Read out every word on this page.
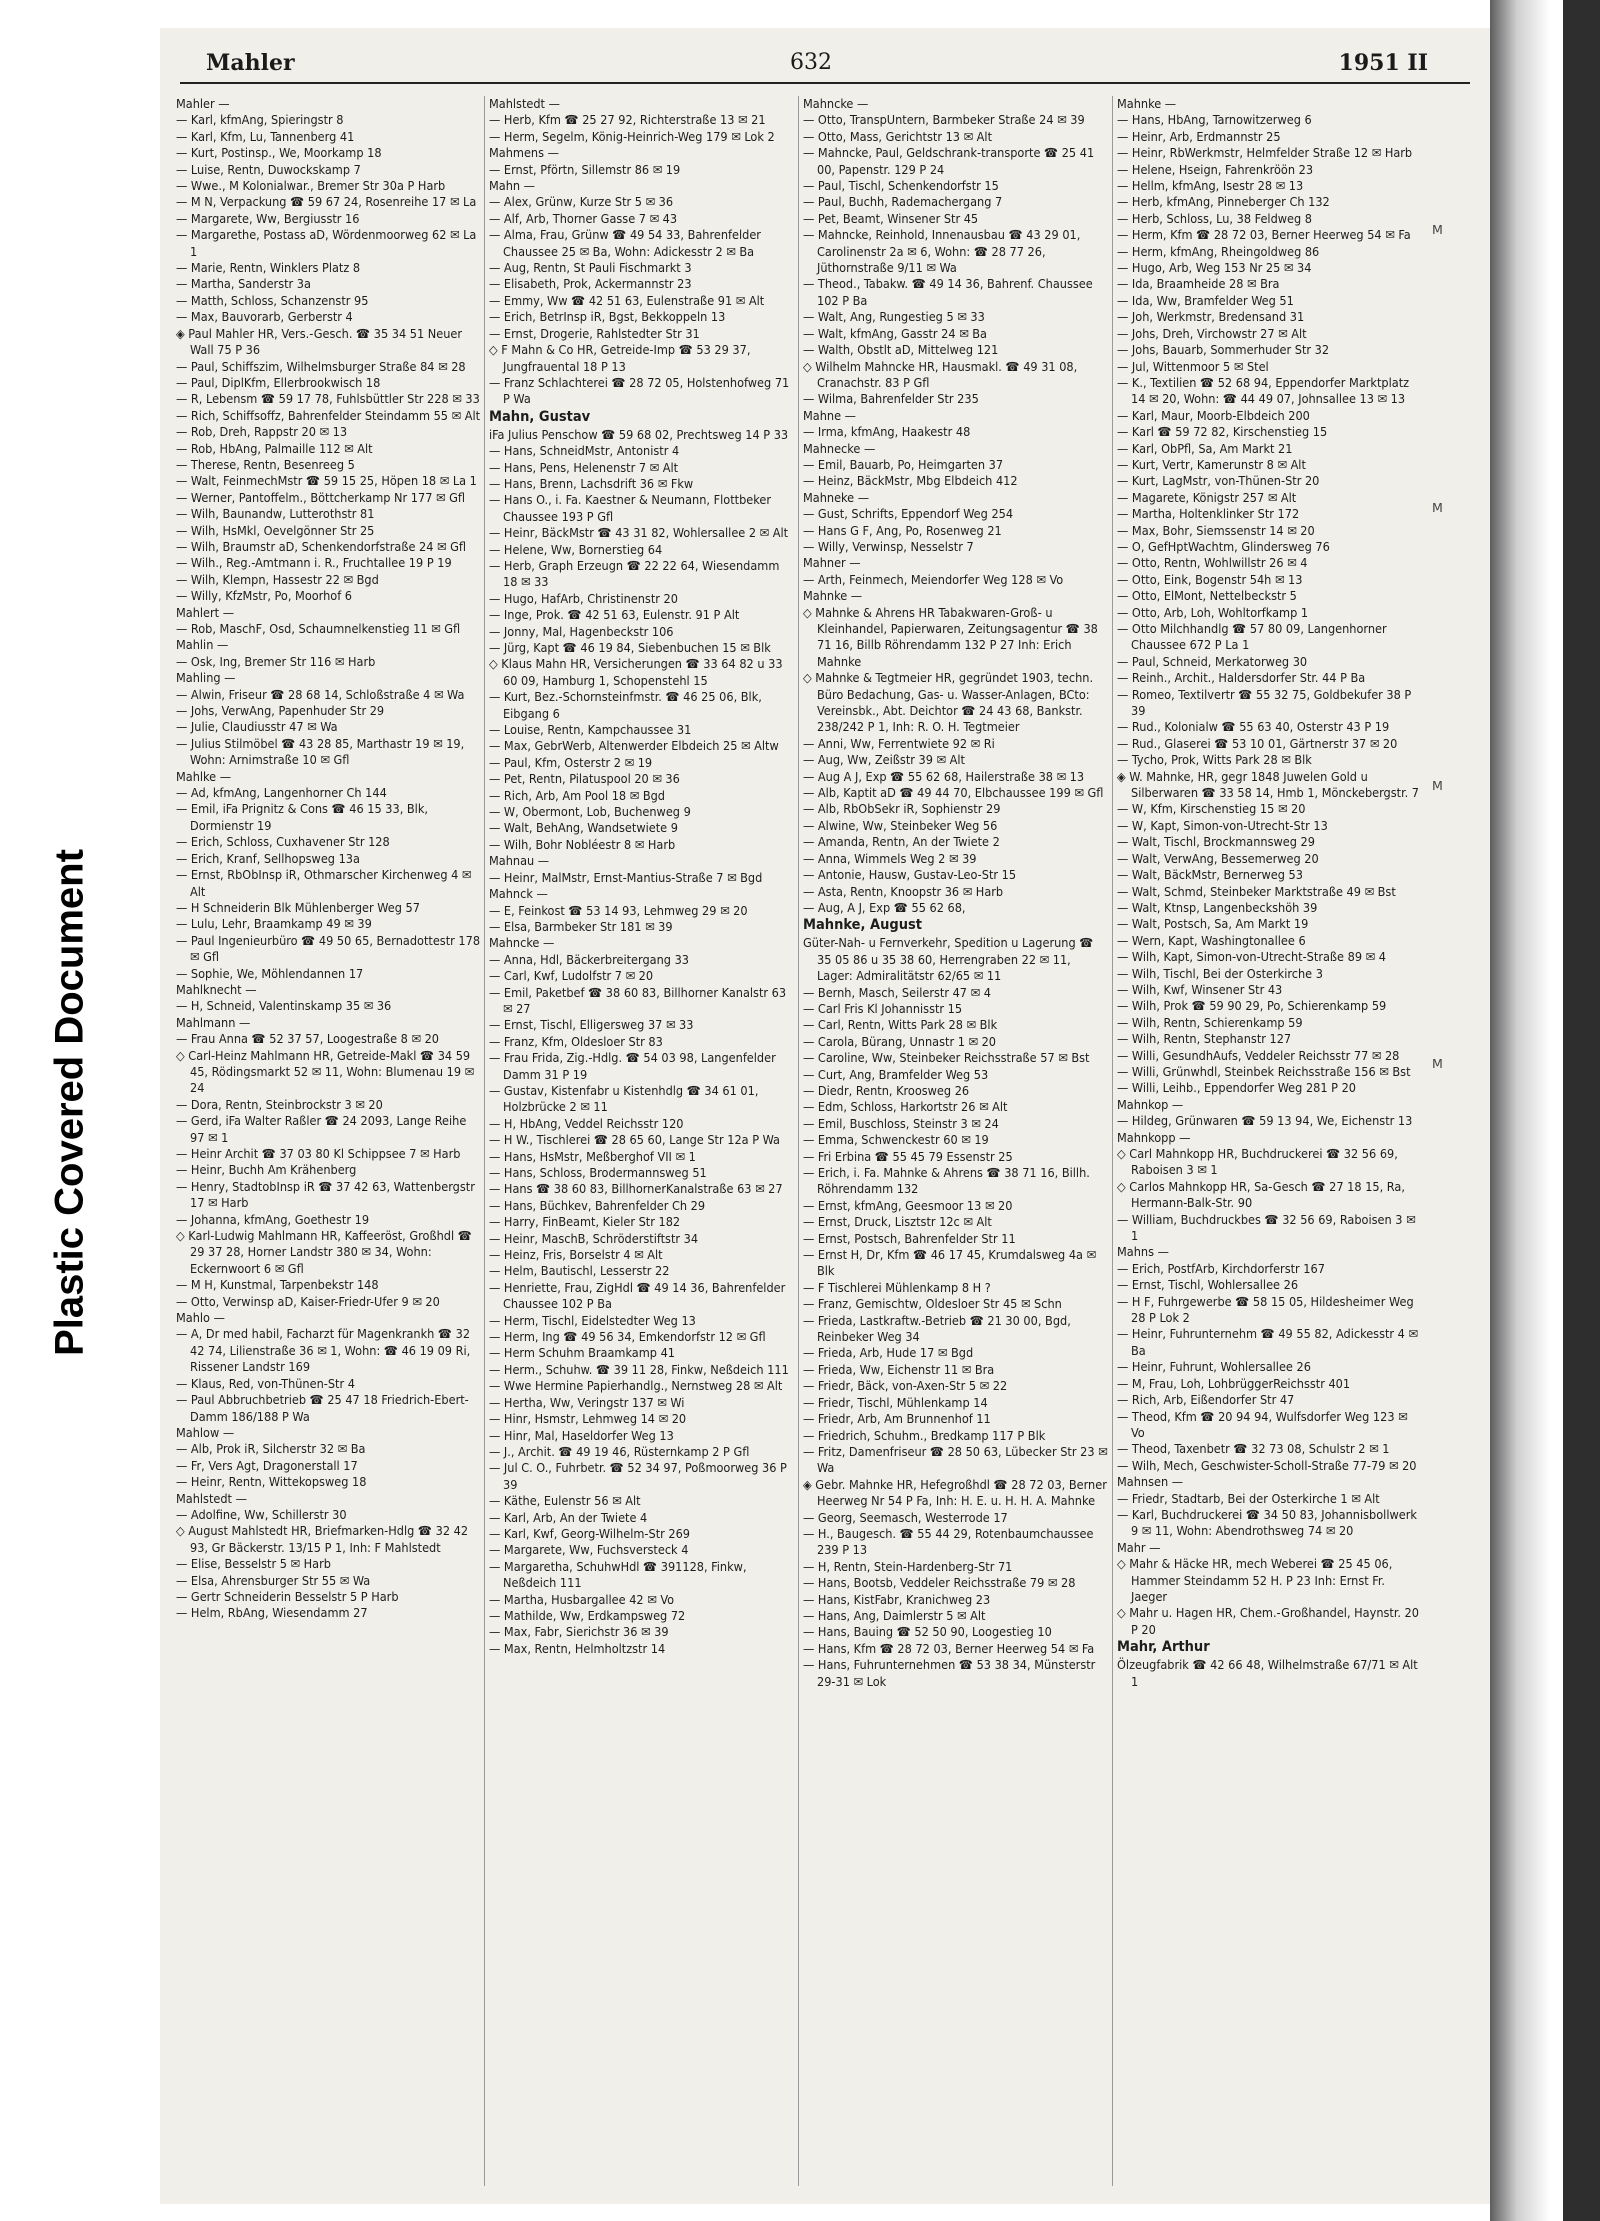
Plastic Covered Document
Mahler	632	1951 II

Mahler —

— Karl, kfmAng, Spieringstr 8

— Karl, Kfm, Lu, Tannenberg 41

— Kurt, Postinsp., We, Moorkamp 18

— Luise, Rentn, Duwockskamp 7

— Wwe., M Kolonialwar., Bremer Str 30a P Harb

— M N, Verpackung ☎ 59 67 24, Rosenreihe 17 ✉ La

— Margarete, Ww, Bergiusstr 16

— Margarethe, Postass aD, Wördenmoorweg 62 ✉ La 1

— Marie, Rentn, Winklers Platz 8

— Martha, Sanderstr 3a

— Matth, Schloss, Schanzenstr 95

— Max, Bauvorarb, Gerberstr 4

◈ Paul Mahler HR, Vers.-Gesch. ☎ 35 34 51 Neuer Wall 75 P 36

— Paul, Schiffszim, Wilhelmsburger Straße 84 ✉ 28

— Paul, DiplKfm, Ellerbrookwisch 18

— R, Lebensm ☎ 59 17 78, Fuhlsbüttler Str 228 ✉ 33

— Rich, Schiffsoffz, Bahrenfelder Steindamm 55 ✉ Alt

— Rob, Dreh, Rappstr 20 ✉ 13

— Rob, HbAng, Palmaille 112 ✉ Alt

— Therese, Rentn, Besenreeg 5

— Walt, FeinmechMstr ☎ 59 15 25, Höpen 18 ✉ La 1

— Werner, Pantoffelm., Böttcherkamp Nr 177 ✉ Gfl

— Wilh, Baunandw, Lutterothstr 81

— Wilh, HsMkl, Oevelgönner Str 25

— Wilh, Braumstr aD, Schenkendorfstraße 24 ✉ Gfl

— Wilh., Reg.-Amtmann i. R., Fruchtallee 19 P 19

— Wilh, Klempn, Hassestr 22 ✉ Bgd

— Willy, KfzMstr, Po, Moorhof 6

Mahlert —

— Rob, MaschF, Osd, Schaumnelkenstieg 11 ✉ Gfl

Mahlin —

— Osk, Ing, Bremer Str 116 ✉ Harb

Mahling —

— Alwin, Friseur ☎ 28 68 14, Schloßstraße 4 ✉ Wa

— Johs, VerwAng, Papenhuder Str 29

— Julie, Claudiusstr 47 ✉ Wa

— Julius Stilmöbel ☎ 43 28 85, Marthastr 19 ✉ 19, Wohn: Arnimstraße 10 ✉ Gfl

Mahlke —

— Ad, kfmAng, Langenhorner Ch 144

— Emil, iFa Prignitz & Cons ☎ 46 15 33, Blk, Dormienstr 19

— Erich, Schloss, Cuxhavener Str 128

— Erich, Kranf, Sellhopsweg 13a

— Ernst, RbObInsp iR, Othmarscher Kirchenweg 4 ✉ Alt

— H Schneiderin Blk Mühlenberger Weg 57

— Lulu, Lehr, Braamkamp 49 ✉ 39

— Paul Ingenieurbüro ☎ 49 50 65, Bernadottestr 178 ✉ Gfl

— Sophie, We, Möhlendannen 17

Mahlknecht —

— H, Schneid, Valentinskamp 35 ✉ 36

Mahlmann —

— Frau Anna ☎ 52 37 57, Loogestraße 8 ✉ 20

◇ Carl-Heinz Mahlmann HR, Getreide-Makl ☎ 34 59 45, Rödingsmarkt 52 ✉ 11, Wohn: Blumenau 19 ✉ 24

— Dora, Rentn, Steinbrockstr 3 ✉ 20

— Gerd, iFa Walter Raßler ☎ 24 2093, Lange Reihe 97 ✉ 1

— Heinr Archit ☎ 37 03 80 Kl Schippsee 7 ✉ Harb

— Heinr, Buchh Am Krähenberg

— Henry, StadtobInsp iR ☎ 37 42 63, Wattenbergstr 17 ✉ Harb

— Johanna, kfmAng, Goethestr 19

◇ Karl-Ludwig Mahlmann HR, Kaffeeröst, Großhdl ☎ 29 37 28, Horner Landstr 380 ✉ 34, Wohn: Eckernwoort 6 ✉ Gfl

— M H, Kunstmal, Tarpenbekstr 148

— Otto, Verwinsp aD, Kaiser-Friedr-Ufer 9 ✉ 20

Mahlo —

— A, Dr med habil, Facharzt für Magenkrankh ☎ 32 42 74, Lilienstraße 36 ✉ 1, Wohn: ☎ 46 19 09 Ri, Rissener Landstr 169

— Klaus, Red, von-Thünen-Str 4

— Paul Abbruchbetrieb ☎ 25 47 18 Friedrich-Ebert-Damm 186/188 P Wa

Mahlow —

— Alb, Prok iR, Silcherstr 32 ✉ Ba

— Fr, Vers Agt, Dragonerstall 17

— Heinr, Rentn, Wittekopsweg 18

Mahlstedt —

— Adolfine, Ww, Schillerstr 30

◇ August Mahlstedt HR, Briefmarken-Hdlg ☎ 32 42 93, Gr Bäckerstr. 13/15 P 1, Inh: F Mahlstedt

— Elise, Besselstr 5 ✉ Harb

— Elsa, Ahrensburger Str 55 ✉ Wa

— Gertr Schneiderin Besselstr 5 P Harb

— Helm, RbAng, Wiesendamm 27

Mahlstedt —

— Herb, Kfm ☎ 25 27 92, Richterstraße 13 ✉ 21

— Herm, Segelm, König-Heinrich-Weg 179 ✉ Lok 2

Mahmens —

— Ernst, Pförtn, Sillemstr 86 ✉ 19

Mahn —

— Alex, Grünw, Kurze Str 5 ✉ 36

— Alf, Arb, Thorner Gasse 7 ✉ 43

— Alma, Frau, Grünw ☎ 49 54 33, Bahrenfelder Chaussee 25 ✉ Ba, Wohn: Adickesstr 2 ✉ Ba

— Aug, Rentn, St Pauli Fischmarkt 3

— Elisabeth, Prok, Ackermannstr 23

— Emmy, Ww ☎ 42 51 63, Eulenstraße 91 ✉ Alt

— Erich, BetrInsp iR, Bgst, Bekkoppeln 13

— Ernst, Drogerie, Rahlstedter Str 31

◇ F Mahn & Co HR, Getreide-Imp ☎ 53 29 37, Jungfrauental 18 P 13

— Franz Schlachterei ☎ 28 72 05, Holstenhofweg 71 P Wa

Mahn, Gustav

iFa Julius Penschow ☎ 59 68 02, Prechtsweg 14 P 33

— Hans, SchneidMstr, Antonistr 4

— Hans, Pens, Helenenstr 7 ✉ Alt

— Hans, Brenn, Lachsdrift 36 ✉ Fkw

— Hans O., i. Fa. Kaestner & Neumann, Flottbeker Chaussee 193 P Gfl

— Heinr, BäckMstr ☎ 43 31 82, Wohlersallee 2 ✉ Alt

— Helene, Ww, Bornerstieg 64

— Herb, Graph Erzeugn ☎ 22 22 64, Wiesendamm 18 ✉ 33

— Hugo, HafArb, Christinenstr 20

— Inge, Prok. ☎ 42 51 63, Eulenstr. 91 P Alt

— Jonny, Mal, Hagenbeckstr 106

— Jürg, Kapt ☎ 46 19 84, Siebenbuchen 15 ✉ Blk

◇ Klaus Mahn HR, Versicherungen ☎ 33 64 82 u 33 60 09, Hamburg 1, Schopenstehl 15

— Kurt, Bez.-Schornsteinfmstr. ☎ 46 25 06, Blk, Eibgang 6

— Louise, Rentn, Kampchaussee 31

— Max, GebrWerb, Altenwerder Elbdeich 25 ✉ Altw

— Paul, Kfm, Osterstr 2 ✉ 19

— Pet, Rentn, Pilatuspool 20 ✉ 36

— Rich, Arb, Am Pool 18 ✉ Bgd

— W, Obermont, Lob, Buchenweg 9

— Walt, BehAng, Wandsetwiete 9

— Wilh, Bohr Nobléestr 8 ✉ Harb

Mahnau —

— Heinr, MalMstr, Ernst-Mantius-Straße 7 ✉ Bgd

Mahnck —

— E, Feinkost ☎ 53 14 93, Lehmweg 29 ✉ 20

— Elsa, Barmbeker Str 181 ✉ 39

Mahncke —

— Anna, Hdl, Bäckerbreitergang 33

— Carl, Kwf, Ludolfstr 7 ✉ 20

— Emil, Paketbef ☎ 38 60 83, Billhorner Kanalstr 63 ✉ 27

— Ernst, Tischl, Elligersweg 37 ✉ 33

— Franz, Kfm, Oldesloer Str 83

— Frau Frida, Zig.-Hdlg. ☎ 54 03 98, Langenfelder Damm 31 P 19

— Gustav, Kistenfabr u Kistenhdlg ☎ 34 61 01, Holzbrücke 2 ✉ 11

— H, HbAng, Veddel Reichsstr 120

— H W., Tischlerei ☎ 28 65 60, Lange Str 12a P Wa

— Hans, HsMstr, Meßberghof VII ✉ 1

— Hans, Schloss, Brodermannsweg 51

— Hans ☎ 38 60 83, BillhornerKanalstraße 63 ✉ 27

— Hans, Büchkev, Bahrenfelder Ch 29

— Harry, FinBeamt, Kieler Str 182

— Heinr, MaschB, Schröderstiftstr 34

— Heinz, Fris, Borselstr 4 ✉ Alt

— Helm, Bautischl, Lesserstr 22

— Henriette, Frau, ZigHdl ☎ 49 14 36, Bahrenfelder Chaussee 102 P Ba

— Herm, Tischl, Eidelstedter Weg 13

— Herm, Ing ☎ 49 56 34, Emkendorfstr 12 ✉ Gfl

— Herm Schuhm Braamkamp 41

— Herm., Schuhw. ☎ 39 11 28, Finkw, Neßdeich 111

— Wwe Hermine Papierhandlg., Nernstweg 28 ✉ Alt

— Hertha, Ww, Veringstr 137 ✉ Wi

— Hinr, Hsmstr, Lehmweg 14 ✉ 20

— Hinr, Mal, Haseldorfer Weg 13

— J., Archit. ☎ 49 19 46, Rüsternkamp 2 P Gfl

— Jul C. O., Fuhrbetr. ☎ 52 34 97, Poßmoorweg 36 P 39

— Käthe, Eulenstr 56 ✉ Alt

— Karl, Arb, An der Twiete 4

— Karl, Kwf, Georg-Wilhelm-Str 269

— Margarete, Ww, Fuchsversteck 4

— Margaretha, SchuhwHdl ☎ 391128, Finkw, Neßdeich 111

— Martha, Husbargallee 42 ✉ Vo

— Mathilde, Ww, Erdkampsweg 72

— Max, Fabr, Sierichstr 36 ✉ 39

— Max, Rentn, Helmholtzstr 14

Mahncke —

— Otto, TranspUntern, Barmbeker Straße 24 ✉ 39

— Otto, Mass, Gerichtstr 13 ✉ Alt

— Mahncke, Paul, Geldschrank-transporte ☎ 25 41 00, Papenstr. 129 P 24

— Paul, Tischl, Schenkendorfstr 15

— Paul, Buchh, Rademachergang 7

— Pet, Beamt, Winsener Str 45

— Mahncke, Reinhold, Innenausbau ☎ 43 29 01, Carolinenstr 2a ✉ 6, Wohn: ☎ 28 77 26, Jüthornstraße 9/11 ✉ Wa

— Theod., Tabakw. ☎ 49 14 36, Bahrenf. Chaussee 102 P Ba

— Walt, Ang, Rungestieg 5 ✉ 33

— Walt, kfmAng, Gasstr 24 ✉ Ba

— Walth, Obstlt aD, Mittelweg 121

◇ Wilhelm Mahncke HR, Hausmakl. ☎ 49 31 08, Cranachstr. 83 P Gfl

— Wilma, Bahrenfelder Str 235

Mahne —

— Irma, kfmAng, Haakestr 48

Mahnecke —

— Emil, Bauarb, Po, Heimgarten 37

— Heinz, BäckMstr, Mbg Elbdeich 412

Mahneke —

— Gust, Schrifts, Eppendorf Weg 254

— Hans G F, Ang, Po, Rosenweg 21

— Willy, Verwinsp, Nesselstr 7

Mahner —

— Arth, Feinmech, Meiendorfer Weg 128 ✉ Vo

Mahnke —

◇ Mahnke & Ahrens HR Tabakwaren-Groß- u Kleinhandel, Papierwaren, Zeitungsagentur ☎ 38 71 16, Billb Röhrendamm 132 P 27 Inh: Erich Mahnke

◇ Mahnke & Tegtmeier HR, gegründet 1903, techn. Büro Bedachung, Gas- u. Wasser-Anlagen, BCto: Vereinsbk., Abt. Deichtor ☎ 24 43 68, Bankstr. 238/242 P 1, Inh: R. O. H. Tegtmeier

— Anni, Ww, Ferrentwiete 92 ✉ Ri

— Aug, Ww, Zeißstr 39 ✉ Alt

— Aug A J, Exp ☎ 55 62 68, Hailerstraße 38 ✉ 13

— Alb, Kaptit aD ☎ 49 44 70, Elbchaussee 199 ✉ Gfl

— Alb, RbObSekr iR, Sophienstr 29

— Alwine, Ww, Steinbeker Weg 56

— Amanda, Rentn, An der Twiete 2

— Anna, Wimmels Weg 2 ✉ 39

— Antonie, Hausw, Gustav-Leo-Str 15

— Asta, Rentn, Knoopstr 36 ✉ Harb

— Aug, A J, Exp ☎ 55 62 68,

Mahnke, August

Güter-Nah- u Fernverkehr, Spedition u Lagerung ☎ 35 05 86 u 35 38 60, Herrengraben 22 ✉ 11, Lager: Admiralitätstr 62/65 ✉ 11

— Bernh, Masch, Seilerstr 47 ✉ 4

— Carl Fris Kl Johannisstr 15

— Carl, Rentn, Witts Park 28 ✉ Blk

— Carola, Bürang, Unnastr 1 ✉ 20

— Caroline, Ww, Steinbeker Reichsstraße 57 ✉ Bst

— Curt, Ang, Bramfelder Weg 53

— Diedr, Rentn, Kroosweg 26

— Edm, Schloss, Harkortstr 26 ✉ Alt

— Emil, Buschloss, Steinstr 3 ✉ 24

— Emma, Schwenckestr 60 ✉ 19

— Fri Erbina ☎ 55 45 79 Essenstr 25

— Erich, i. Fa. Mahnke & Ahrens ☎ 38 71 16, Billh. Röhrendamm 132

— Ernst, kfmAng, Geesmoor 13 ✉ 20

— Ernst, Druck, Lisztstr 12c ✉ Alt

— Ernst, Postsch, Bahrenfelder Str 11

— Ernst H, Dr, Kfm ☎ 46 17 45, Krumdalsweg 4a ✉ Blk

— F Tischlerei Mühlenkamp 8 H ?

— Franz, Gemischtw, Oldesloer Str 45 ✉ Schn

— Frieda, Lastkraftw.-Betrieb ☎ 21 30 00, Bgd, Reinbeker Weg 34

— Frieda, Arb, Hude 17 ✉ Bgd

— Frieda, Ww, Eichenstr 11 ✉ Bra

— Friedr, Bäck, von-Axen-Str 5 ✉ 22

— Friedr, Tischl, Mühlenkamp 14

— Friedr, Arb, Am Brunnenhof 11

— Friedrich, Schuhm., Bredkamp 117 P Blk

— Fritz, Damenfriseur ☎ 28 50 63, Lübecker Str 23 ✉ Wa

◈ Gebr. Mahnke HR, Hefegroßhdl ☎ 28 72 03, Berner Heerweg Nr 54 P Fa, Inh: H. E. u. H. H. A. Mahnke

— Georg, Seemasch, Westerrode 17

— H., Baugesch. ☎ 55 44 29, Rotenbaumchaussee 239 P 13

— H, Rentn, Stein-Hardenberg-Str 71

— Hans, Bootsb, Veddeler Reichsstraße 79 ✉ 28

— Hans, KistFabr, Kranichweg 23

— Hans, Ang, Daimlerstr 5 ✉ Alt

— Hans, Bauing ☎ 52 50 90, Loogestieg 10

— Hans, Kfm ☎ 28 72 03, Berner Heerweg 54 ✉ Fa

— Hans, Fuhrunternehmen ☎ 53 38 34, Münsterstr 29-31 ✉ Lok

Mahnke —

— Hans, HbAng, Tarnowitzerweg 6

— Heinr, Arb, Erdmannstr 25

— Heinr, RbWerkmstr, Helmfelder Straße 12 ✉ Harb

— Helene, Hseign, Fahrenkröön 23

— Hellm, kfmAng, Isestr 28 ✉ 13

— Herb, kfmAng, Pinneberger Ch 132

— Herb, Schloss, Lu, 38 Feldweg 8

— Herm, Kfm ☎ 28 72 03, Berner Heerweg 54 ✉ Fa

— Herm, kfmAng, Rheingoldweg 86

— Hugo, Arb, Weg 153 Nr 25 ✉ 34

— Ida, Braamheide 28 ✉ Bra

— Ida, Ww, Bramfelder Weg 51

— Joh, Werkmstr, Bredensand 31

— Johs, Dreh, Virchowstr 27 ✉ Alt

— Johs, Bauarb, Sommerhuder Str 32

— Jul, Wittenmoor 5 ✉ Stel

— K., Textilien ☎ 52 68 94, Eppendorfer Marktplatz 14 ✉ 20, Wohn: ☎ 44 49 07, Johnsallee 13 ✉ 13

— Karl, Maur, Moorb-Elbdeich 200

— Karl ☎ 59 72 82, Kirschenstieg 15

— Karl, ObPfl, Sa, Am Markt 21

— Kurt, Vertr, Kamerunstr 8 ✉ Alt

— Kurt, LagMstr, von-Thünen-Str 20

— Magarete, Königstr 257 ✉ Alt

— Martha, Holtenklinker Str 172

— Max, Bohr, Siemssenstr 14 ✉ 20

— O, GefHptWachtm, Glindersweg 76

— Otto, Rentn, Wohlwillstr 26 ✉ 4

— Otto, Eink, Bogenstr 54h ✉ 13

— Otto, ElMont, Nettelbeckstr 5

— Otto, Arb, Loh, Wohltorfkamp 1

— Otto Milchhandlg ☎ 57 80 09, Langenhorner Chaussee 672 P La 1

— Paul, Schneid, Merkatorweg 30

— Reinh., Archit., Haldersdorfer Str. 44 P Ba

— Romeo, Textilvertr ☎ 55 32 75, Goldbekufer 38 P 39

— Rud., Kolonialw ☎ 55 63 40, Osterstr 43 P 19

— Rud., Glaserei ☎ 53 10 01, Gärtnerstr 37 ✉ 20

— Tycho, Prok, Witts Park 28 ✉ Blk

◈ W. Mahnke, HR, gegr 1848 Juwelen Gold u Silberwaren ☎ 33 58 14, Hmb 1, Mönckebergstr. 7

— W, Kfm, Kirschenstieg 15 ✉ 20

— W, Kapt, Simon-von-Utrecht-Str 13

— Walt, Tischl, Brockmannsweg 29

— Walt, VerwAng, Bessemerweg 20

— Walt, BäckMstr, Bernerweg 53

— Walt, Schmd, Steinbeker Marktstraße 49 ✉ Bst

— Walt, Ktnsp, Langenbeckshöh 39

— Walt, Postsch, Sa, Am Markt 19

— Wern, Kapt, Washingtonallee 6

— Wilh, Kapt, Simon-von-Utrecht-Straße 89 ✉ 4

— Wilh, Tischl, Bei der Osterkirche 3

— Wilh, Kwf, Winsener Str 43

— Wilh, Prok ☎ 59 90 29, Po, Schierenkamp 59

— Wilh, Rentn, Schierenkamp 59

— Wilh, Rentn, Stephanstr 127

— Willi, GesundhAufs, Veddeler Reichsstr 77 ✉ 28

— Willi, Grünwhdl, Steinbek Reichsstraße 156 ✉ Bst

— Willi, Leihb., Eppendorfer Weg 281 P 20

Mahnkop —

— Hildeg, Grünwaren ☎ 59 13 94, We, Eichenstr 13

Mahnkopp —

◇ Carl Mahnkopp HR, Buchdruckerei ☎ 32 56 69, Raboisen 3 ✉ 1

◇ Carlos Mahnkopp HR, Sa-Gesch ☎ 27 18 15, Ra, Hermann-Balk-Str. 90

— William, Buchdruckbes ☎ 32 56 69, Raboisen 3 ✉ 1

Mahns —

— Erich, PostfArb, Kirchdorferstr 167

— Ernst, Tischl, Wohlersallee 26

— H F, Fuhrgewerbe ☎ 58 15 05, Hildesheimer Weg 28 P Lok 2

— Heinr, Fuhrunternehm ☎ 49 55 82, Adickesstr 4 ✉ Ba

— Heinr, Fuhrunt, Wohlersallee 26

— M, Frau, Loh, LohbrüggerReichsstr 401

— Rich, Arb, Eißendorfer Str 47

— Theod, Kfm ☎ 20 94 94, Wulfsdorfer Weg 123 ✉ Vo

— Theod, Taxenbetr ☎ 32 73 08, Schulstr 2 ✉ 1

— Wilh, Mech, Geschwister-Scholl-Straße 77-79 ✉ 20

Mahnsen —

— Friedr, Stadtarb, Bei der Osterkirche 1 ✉ Alt

— Karl, Buchdruckerei ☎ 34 50 83, Johannisbollwerk 9 ✉ 11, Wohn: Abendrothsweg 74 ✉ 20

Mahr —

◇ Mahr & Häcke HR, mech Weberei ☎ 25 45 06, Hammer Steindamm 52 H. P 23 Inh: Ernst Fr. Jaeger

◇ Mahr u. Hagen HR, Chem.-Großhandel, Haynstr. 20 P 20

Mahr, Arthur

Ölzeugfabrik ☎ 42 66 48, Wilhelmstraße 67/71 ✉ Alt 1

M
M
M
M
